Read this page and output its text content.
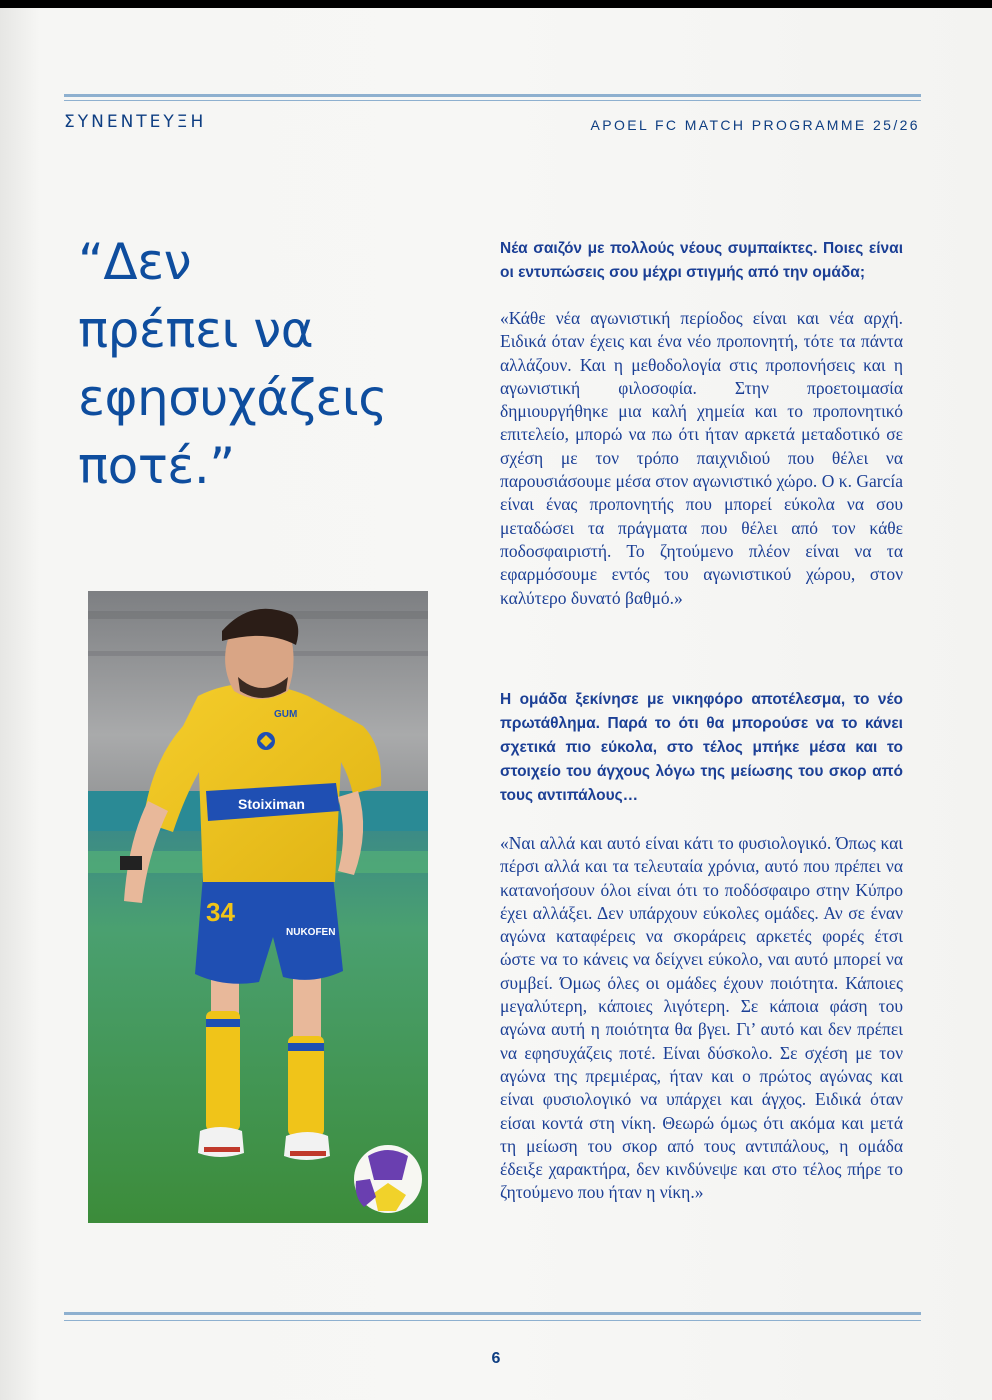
ΣΥΝΕΝΤΕΥΞΗ	APOEL FC MATCH PROGRAMME 25/26
“Δεν
πρέπει να
εφησυχάζεις
ποτέ.”
34
NUKOFEN
Stoiximan
GUM

Νέα σαιζόν με πολλούς νέους συμπαίκτες. Ποιες είναι οι εντυπώσεις σου μέχρι στιγμής από την ομάδα;

«Κάθε νέα αγωνιστική περίοδος είναι και νέα αρχή. Ειδικά όταν έχεις και ένα νέο προπονητή, τότε τα πάντα αλλάζουν. Και η μεθοδολογία στις προπονήσεις και η αγωνιστική φιλοσοφία. Στην προετοιμασία δημιουργήθηκε μια καλή χημεία και το προπονητικό επιτελείο, μπορώ να πω ότι ήταν αρκετά μεταδοτικό σε σχέση με τον τρόπο παιχνιδιού που θέλει να παρουσιάσουμε μέσα στον αγωνιστικό χώρο. Ο κ. García είναι ένας προπονητής που μπορεί εύκολα να σου μεταδώσει τα πράγματα που θέλει από τον κάθε ποδοσφαιριστή. Το ζητούμενο πλέον είναι να τα εφαρμόσουμε εντός του αγωνιστικού χώρου, στον καλύτερο δυνατό βαθμό.»

Η ομάδα ξεκίνησε με νικηφόρο αποτέλεσμα, το νέο πρωτάθλημα. Παρά το ότι θα μπορούσε να το κάνει σχετικά πιο εύκολα, στο τέλος μπήκε μέσα και το στοιχείο του άγχους λόγω της μείωσης του σκορ από τους αντιπάλους…

«Ναι αλλά και αυτό είναι κάτι το φυσιολογικό. Όπως και πέρσι αλλά και τα τελευταία χρόνια, αυτό που πρέπει να κατανοήσουν όλοι είναι ότι το ποδόσφαιρο στην Κύπρο έχει αλλάξει. Δεν υπάρχουν εύκολες ομάδες. Αν σε έναν αγώνα καταφέρεις να σκοράρεις αρκετές φορές έτσι ώστε να το κάνεις να δείχνει εύκολο, ναι αυτό μπορεί να συμβεί. Όμως όλες οι ομάδες έχουν ποιότητα. Κάποιες μεγαλύτερη, κάποιες λιγότερη. Σε κάποια φάση του αγώνα αυτή η ποιότητα θα βγει. Γι’ αυτό και δεν πρέπει να εφησυχάζεις ποτέ. Είναι δύσκολο. Σε σχέση με τον αγώνα της πρεμιέρας, ήταν και ο πρώτος αγώνας και είναι φυσιολογικό να υπάρχει και άγχος. Ειδικά όταν είσαι κοντά στη νίκη. Θεωρώ όμως ότι ακόμα και μετά τη μείωση του σκορ από τους αντιπάλους, η ομάδα έδειξε χαρακτήρα, δεν κινδύνεψε και στο τέλος πήρε το ζητούμενο που ήταν η νίκη.»

6
